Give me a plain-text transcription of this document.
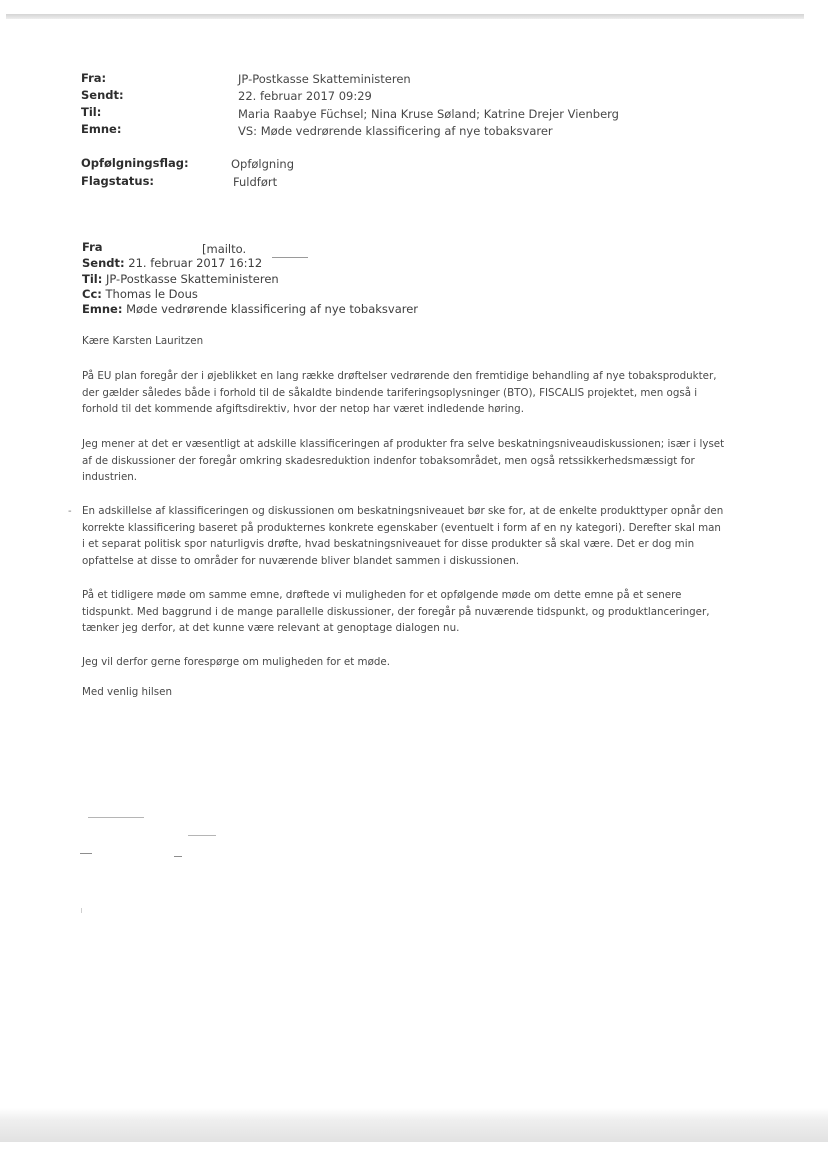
Fra:	JP-Postkasse Skatteministeren
Sendt:	22. februar 2017 09:29
Til:	Maria Raabye Füchsel; Nina Kruse Søland; Katrine Drejer Vienberg
Emne:	VS: Møde vedrørende klassificering af nye tobaksvarer
Opfølgningsflag:	Opfølgning
Flagstatus:	Fuldført
Fra	[mailto.
Sendt: 21. februar 2017 16:12
Til: JP-Postkasse Skatteministeren
Cc: Thomas le Dous
Emne: Møde vedrørende klassificering af nye tobaksvarer
Kære Karsten Lauritzen
På EU plan foregår der i øjeblikket en lang række drøftelser vedrørende den fremtidige behandling af nye tobaksprodukter,
der gælder således både i forhold til de såkaldte bindende tariferingsoplysninger (BTO), FISCALIS projektet, men også i
forhold til det kommende afgiftsdirektiv, hvor der netop har været indledende høring.
Jeg mener at det er væsentligt at adskille klassificeringen af produkter fra selve beskatningsniveaudiskussionen; især i lyset
af de diskussioner der foregår omkring skadesreduktion indenfor tobaksområdet, men også retssikkerhedsmæssigt for
industrien.
- En adskillelse af klassificeringen og diskussionen om beskatningsniveauet bør ske for, at de enkelte produkttyper opnår den
korrekte klassificering baseret på produkternes konkrete egenskaber (eventuelt i form af en ny kategori). Derefter skal man
i et separat politisk spor naturligvis drøfte, hvad beskatningsniveauet for disse produkter så skal være. Det er dog min
opfattelse at disse to områder for nuværende bliver blandet sammen i diskussionen.
På et tidligere møde om samme emne, drøftede vi muligheden for et opfølgende møde om dette emne på et senere
tidspunkt. Med baggrund i de mange parallelle diskussioner, der foregår på nuværende tidspunkt, og produktlanceringer,
tænker jeg derfor, at det kunne være relevant at genoptage dialogen nu.
Jeg vil derfor gerne forespørge om muligheden for et møde.
Med venlig hilsen
